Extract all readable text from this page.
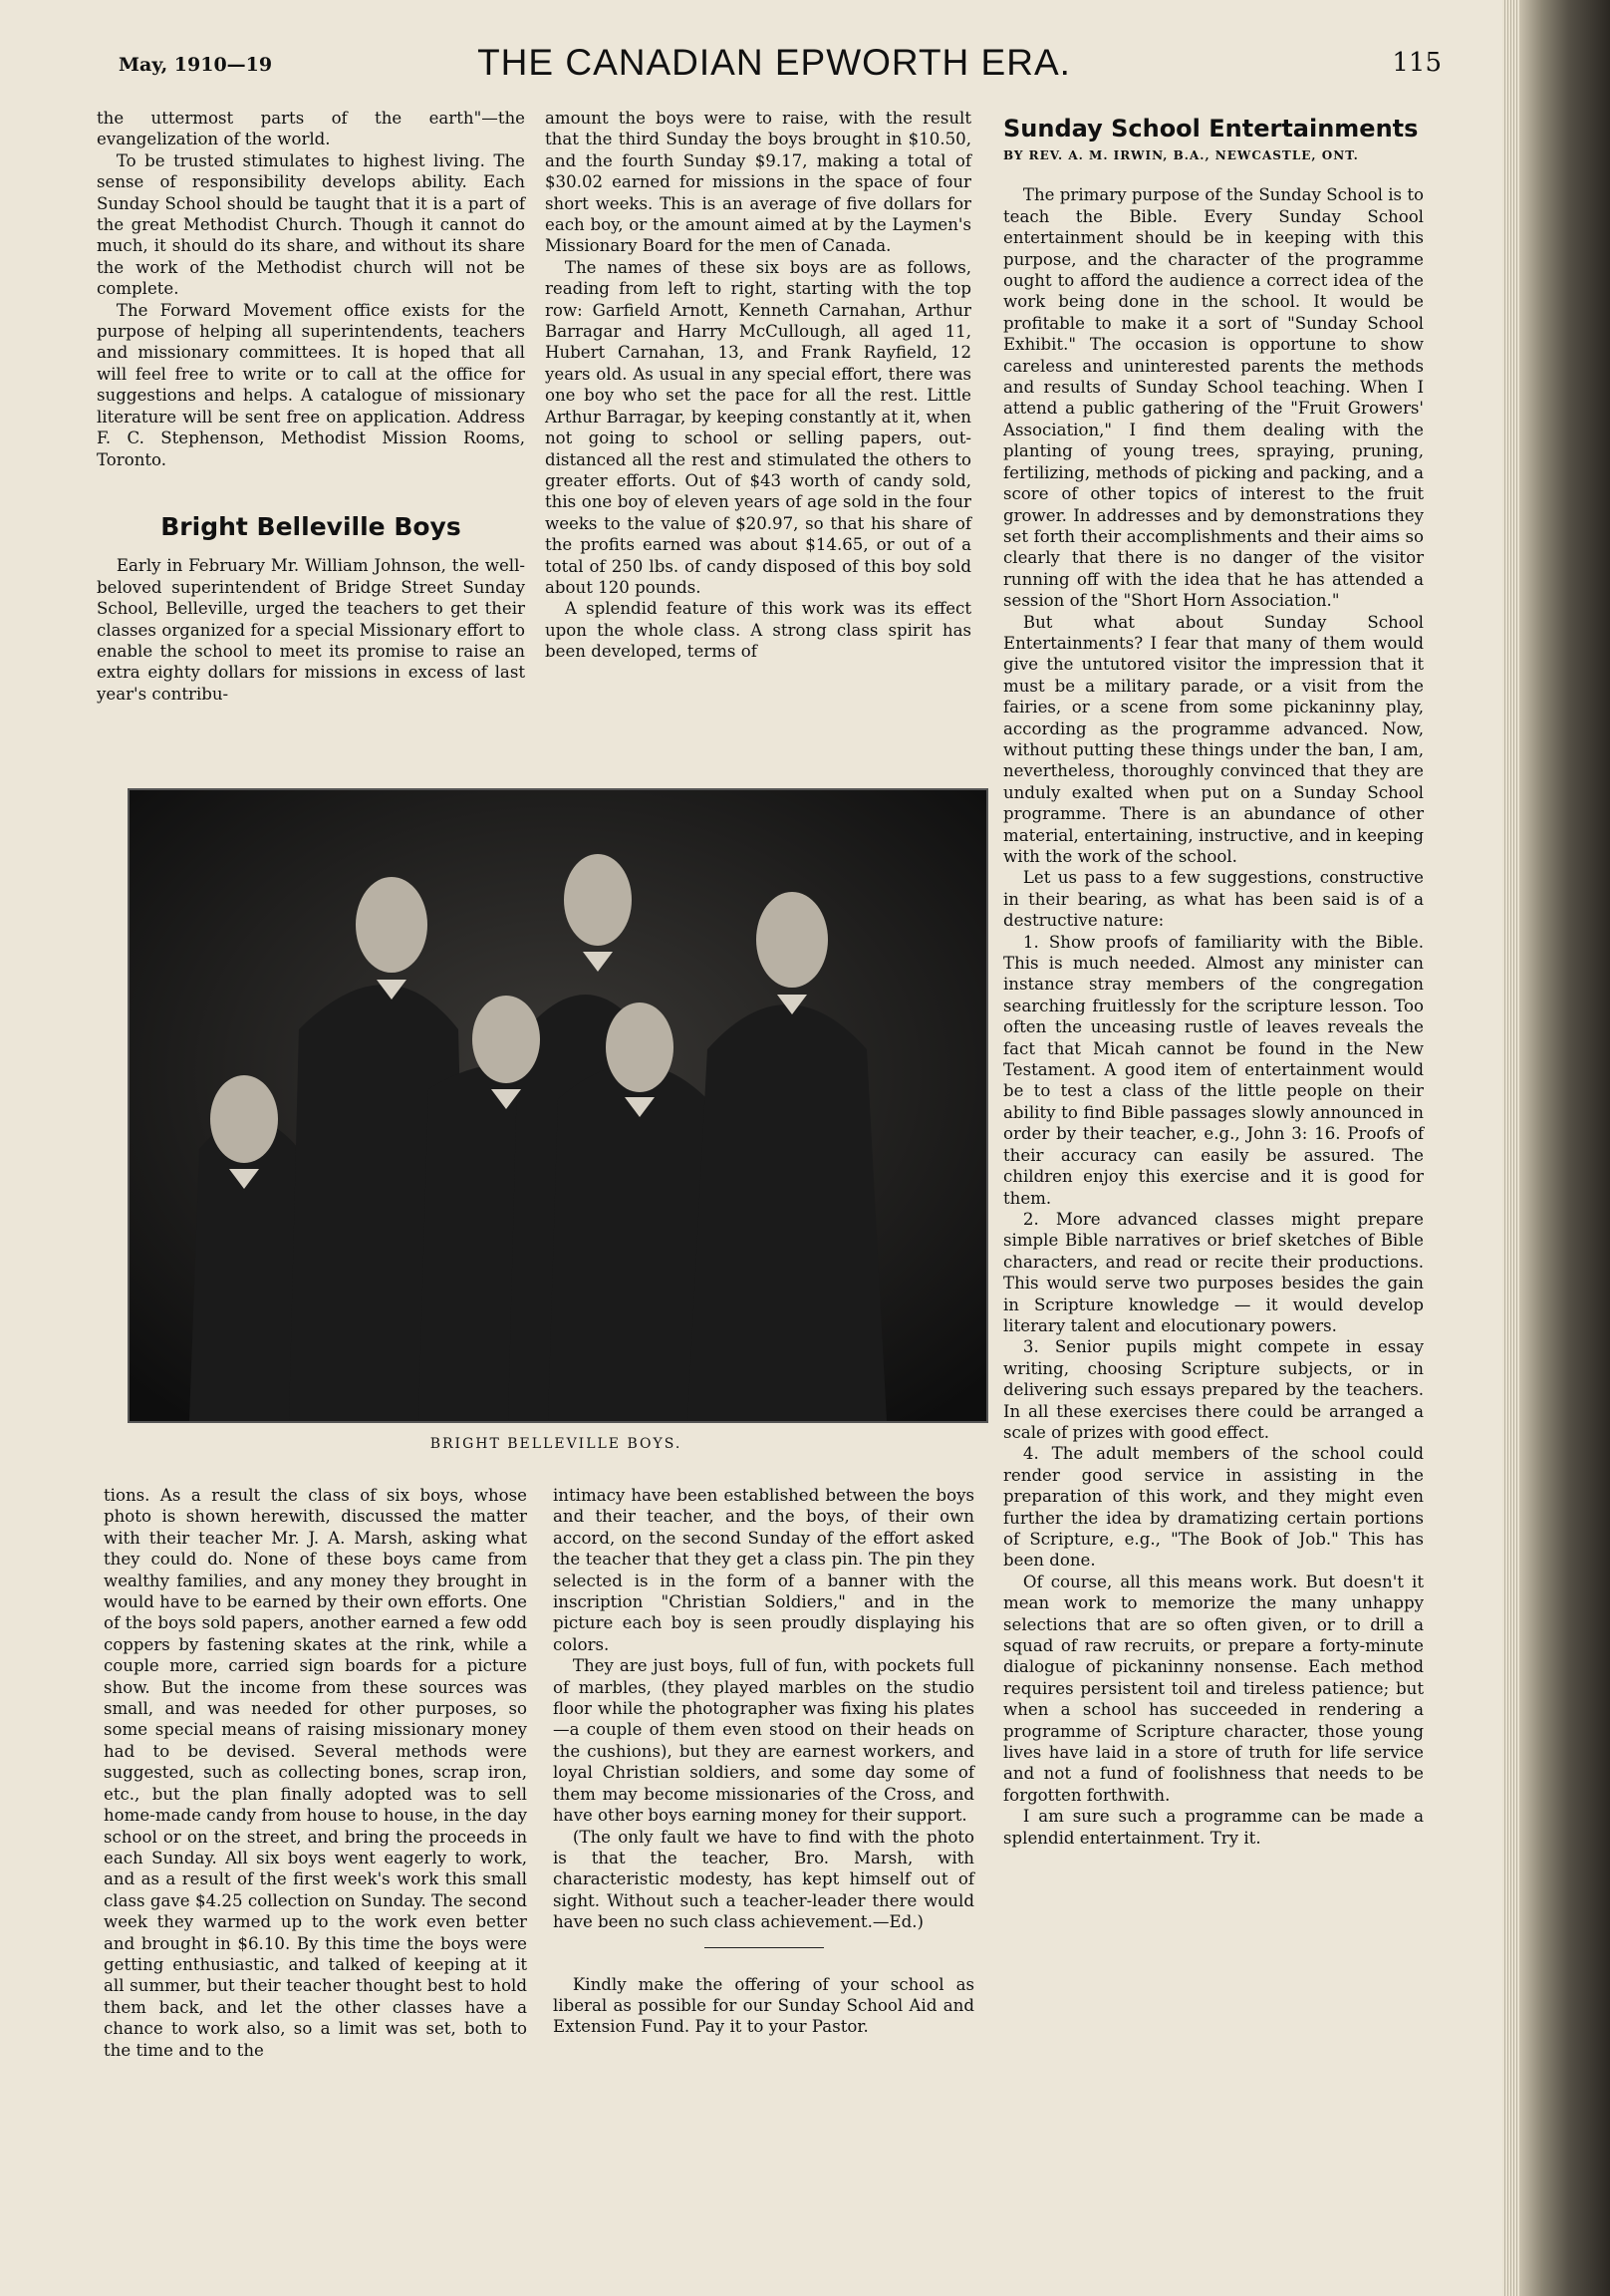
May, 1910—19	THE CANADIAN EPWORTH ERA.	115

the uttermost parts of the earth"—the evangelization of the world.

To be trusted stimulates to highest living. The sense of responsibility develops ability. Each Sunday School should be taught that it is a part of the great Methodist Church. Though it cannot do much, it should do its share, and without its share the work of the Methodist church will not be complete.

The Forward Movement office exists for the purpose of helping all superintendents, teachers and missionary committees. It is hoped that all will feel free to write or to call at the office for suggestions and helps. A catalogue of missionary literature will be sent free on application. Address F. C. Stephenson, Methodist Mission Rooms, Toronto.

Bright Belleville Boys

Early in February Mr. William Johnson, the well-beloved superintendent of Bridge Street Sunday School, Belleville, urged the teachers to get their classes organized for a special Missionary effort to enable the school to meet its promise to raise an extra eighty dollars for missions in excess of last year's contribu-

amount the boys were to raise, with the result that the third Sunday the boys brought in $10.50, and the fourth Sunday $9.17, making a total of $30.02 earned for missions in the space of four short weeks. This is an average of five dollars for each boy, or the amount aimed at by the Laymen's Missionary Board for the men of Canada.

The names of these six boys are as follows, reading from left to right, starting with the top row: Garfield Arnott, Kenneth Carnahan, Arthur Barragar and Harry McCullough, all aged 11, Hubert Carnahan, 13, and Frank Rayfield, 12 years old. As usual in any special effort, there was one boy who set the pace for all the rest. Little Arthur Barragar, by keeping constantly at it, when not going to school or selling papers, out-distanced all the rest and stimulated the others to greater efforts. Out of $43 worth of candy sold, this one boy of eleven years of age sold in the four weeks to the value of $20.97, so that his share of the profits earned was about $14.65, or out of a total of 250 lbs. of candy disposed of this boy sold about 120 pounds.

A splendid feature of this work was its effect upon the whole class. A strong class spirit has been developed, terms of

Sunday School Entertainments
BY REV. A. M. IRWIN, B.A., NEWCASTLE, ONT.

The primary purpose of the Sunday School is to teach the Bible. Every Sunday School entertainment should be in keeping with this purpose, and the character of the programme ought to afford the audience a correct idea of the work being done in the school. It would be profitable to make it a sort of "Sunday School Exhibit." The occasion is opportune to show careless and uninterested parents the methods and results of Sunday School teaching. When I attend a public gathering of the "Fruit Growers' Association," I find them dealing with the planting of young trees, spraying, pruning, fertilizing, methods of picking and packing, and a score of other topics of interest to the fruit grower. In addresses and by demonstrations they set forth their accomplishments and their aims so clearly that there is no danger of the visitor running off with the idea that he has attended a session of the "Short Horn Association."

But what about Sunday School Entertainments? I fear that many of them would give the untutored visitor the impression that it must be a military parade, or a visit from the fairies, or a scene from some pickaninny play, according as the programme advanced. Now, without putting these things under the ban, I am, nevertheless, thoroughly convinced that they are unduly exalted when put on a Sunday School programme. There is an abundance of other material, entertaining, instructive, and in keeping with the work of the school.

Let us pass to a few suggestions, constructive in their bearing, as what has been said is of a destructive nature:

1. Show proofs of familiarity with the Bible. This is much needed. Almost any minister can instance stray members of the congregation searching fruitlessly for the scripture lesson. Too often the unceasing rustle of leaves reveals the fact that Micah cannot be found in the New Testament. A good item of entertainment would be to test a class of the little people on their ability to find Bible passages slowly announced in order by their teacher, e.g., John 3: 16. Proofs of their accuracy can easily be assured. The children enjoy this exercise and it is good for them.

2. More advanced classes might prepare simple Bible narratives or brief sketches of Bible characters, and read or recite their productions. This would serve two purposes besides the gain in Scripture knowledge — it would develop literary talent and elocutionary powers.

3. Senior pupils might compete in essay writing, choosing Scripture subjects, or in delivering such essays prepared by the teachers. In all these exercises there could be arranged a scale of prizes with good effect.

4. The adult members of the school could render good service in assisting in the preparation of this work, and they might even further the idea by dramatizing certain portions of Scripture, e.g., "The Book of Job." This has been done.

Of course, all this means work. But doesn't it mean work to memorize the many unhappy selections that are so often given, or to drill a squad of raw recruits, or prepare a forty-minute dialogue of pickaninny nonsense. Each method requires persistent toil and tireless patience; but when a school has succeeded in rendering a programme of Scripture character, those young lives have laid in a store of truth for life service and not a fund of foolishness that needs to be forgotten forthwith.

I am sure such a programme can be made a splendid entertainment. Try it.

BRIGHT BELLEVILLE BOYS.

tions. As a result the class of six boys, whose photo is shown herewith, discussed the matter with their teacher Mr. J. A. Marsh, asking what they could do. None of these boys came from wealthy families, and any money they brought in would have to be earned by their own efforts. One of the boys sold papers, another earned a few odd coppers by fastening skates at the rink, while a couple more, carried sign boards for a picture show. But the income from these sources was small, and was needed for other purposes, so some special means of raising missionary money had to be devised. Several methods were suggested, such as collecting bones, scrap iron, etc., but the plan finally adopted was to sell home-made candy from house to house, in the day school or on the street, and bring the proceeds in each Sunday. All six boys went eagerly to work, and as a result of the first week's work this small class gave $4.25 collection on Sunday. The second week they warmed up to the work even better and brought in $6.10. By this time the boys were getting enthusiastic, and talked of keeping at it all summer, but their teacher thought best to hold them back, and let the other classes have a chance to work also, so a limit was set, both to the time and to the

intimacy have been established between the boys and their teacher, and the boys, of their own accord, on the second Sunday of the effort asked the teacher that they get a class pin. The pin they selected is in the form of a banner with the inscription "Christian Soldiers," and in the picture each boy is seen proudly displaying his colors.

They are just boys, full of fun, with pockets full of marbles, (they played marbles on the studio floor while the photographer was fixing his plates—a couple of them even stood on their heads on the cushions), but they are earnest workers, and loyal Christian soldiers, and some day some of them may become missionaries of the Cross, and have other boys earning money for their support.

(The only fault we have to find with the photo is that the teacher, Bro. Marsh, with characteristic modesty, has kept himself out of sight. Without such a teacher-leader there would have been no such class achievement.—Ed.)

Kindly make the offering of your school as liberal as possible for our Sunday School Aid and Extension Fund. Pay it to your Pastor.
